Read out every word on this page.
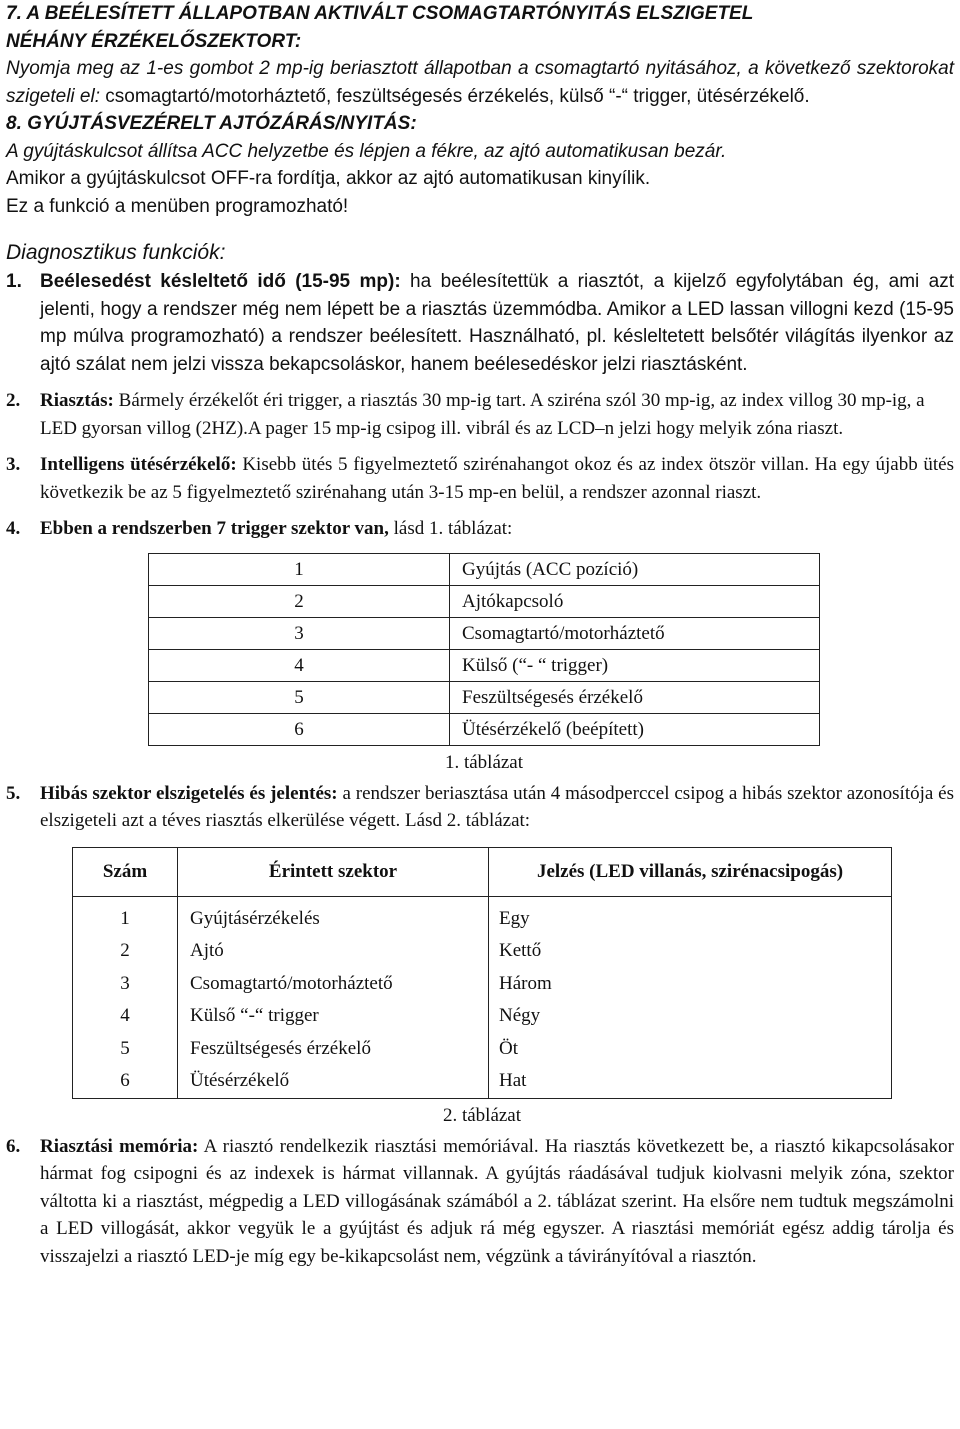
7. A BEÉLESÍTETT ÁLLAPOTBAN AKTIVÁLT CSOMAGTARTÓNYITÁS ELSZIGETEL
NÉHÁNY ÉRZÉKELŐSZEKTORT:

Nyomja meg az 1-es gombot 2 mp-ig beriasztott állapotban a csomagtartó nyitásához, a következő szektorokat szigeteli el: csomagtartó/motorháztető, feszültségesés érzékelés, külső “-“ trigger, ütésérzékelő.

8. GYÚJTÁSVEZÉRELT AJTÓZÁRÁS/NYITÁS:

A gyújtáskulcsot állítsa ACC helyzetbe és lépjen a fékre, az ajtó automatikusan bezár.

Amikor a gyújtáskulcsot OFF-ra fordítja, akkor az ajtó automatikusan kinyílik.

Ez a funkció a menüben programozható!

Diagnosztikus funkciók:

1. Beélesedést késleltető idő (15-95 mp): ha beélesítettük a riasztót, a kijelző egyfolytában ég, ami azt jelenti, hogy a rendszer még nem lépett be a riasztás üzemmódba. Amikor a LED lassan villogni kezd (15-95 mp múlva programozható) a rendszer beélesített. Használható, pl. késleltetett belsőtér világítás ilyenkor az ajtó szálat nem jelzi vissza bekapcsoláskor, hanem beélesedéskor jelzi riasztásként.
2.	Riasztás: Bármely érzékelőt éri trigger, a riasztás 30 mp-ig tart. A sziréna szól 30 mp-ig, az index villog 30 mp-ig, a LED gyorsan villog (2HZ).A pager 15 mp-ig csipog ill. vibrál és az LCD–n jelzi hogy melyik zóna riaszt.
3.	Intelligens ütésérzékelő: Kisebb ütés 5 figyelmeztető szirénahangot okoz és az index ötször villan. Ha egy újabb ütés következik be az 5 figyelmeztető szirénahang után 3-15 mp-en belül, a rendszer azonnal riaszt.
4.	Ebben a rendszerben 7 trigger szektor van, lásd 1. táblázat:
1	Gyújtás (ACC pozíció)
2	Ajtókapcsoló
3	Csomagtartó/motorháztető
4	Külső (“- “ trigger)
5	Feszültségesés érzékelő
6	Ütésérzékelő (beépített)

1. táblázat

5.	Hibás szektor elszigetelés és jelentés: a rendszer beriasztása után 4 másodperccel csipog a hibás szektor azonosítója és elszigeteli azt a téves riasztás elkerülése végett. Lásd 2. táblázat:
Szám	Érintett szektor	Jelzés (LED villanás, szirénacsipogás)
1	Gyújtásérzékelés	Egy
2	Ajtó	Kettő
3	Csomagtartó/motorháztető	Három
4	Külső “-“ trigger	Négy
5	Feszültségesés érzékelő	Öt
6	Ütésérzékelő	Hat

2. táblázat

6.	Riasztási memória: A riasztó rendelkezik riasztási memóriával. Ha riasztás következett be, a riasztó kikapcsolásakor hármat fog csipogni és az indexek is hármat villannak. A gyújtás ráadásával tudjuk kiolvasni melyik zóna, szektor váltotta ki a riasztást, mégpedig a LED villogásának számából a 2. táblázat szerint. Ha elsőre nem tudtuk megszámolni a LED villogását, akkor vegyük le a gyújtást és adjuk rá még egyszer. A riasztási memóriát egész addig tárolja és visszajelzi a riasztó LED-je míg egy be-kikapcsolást nem, végzünk a távirányítóval a riasztón.
